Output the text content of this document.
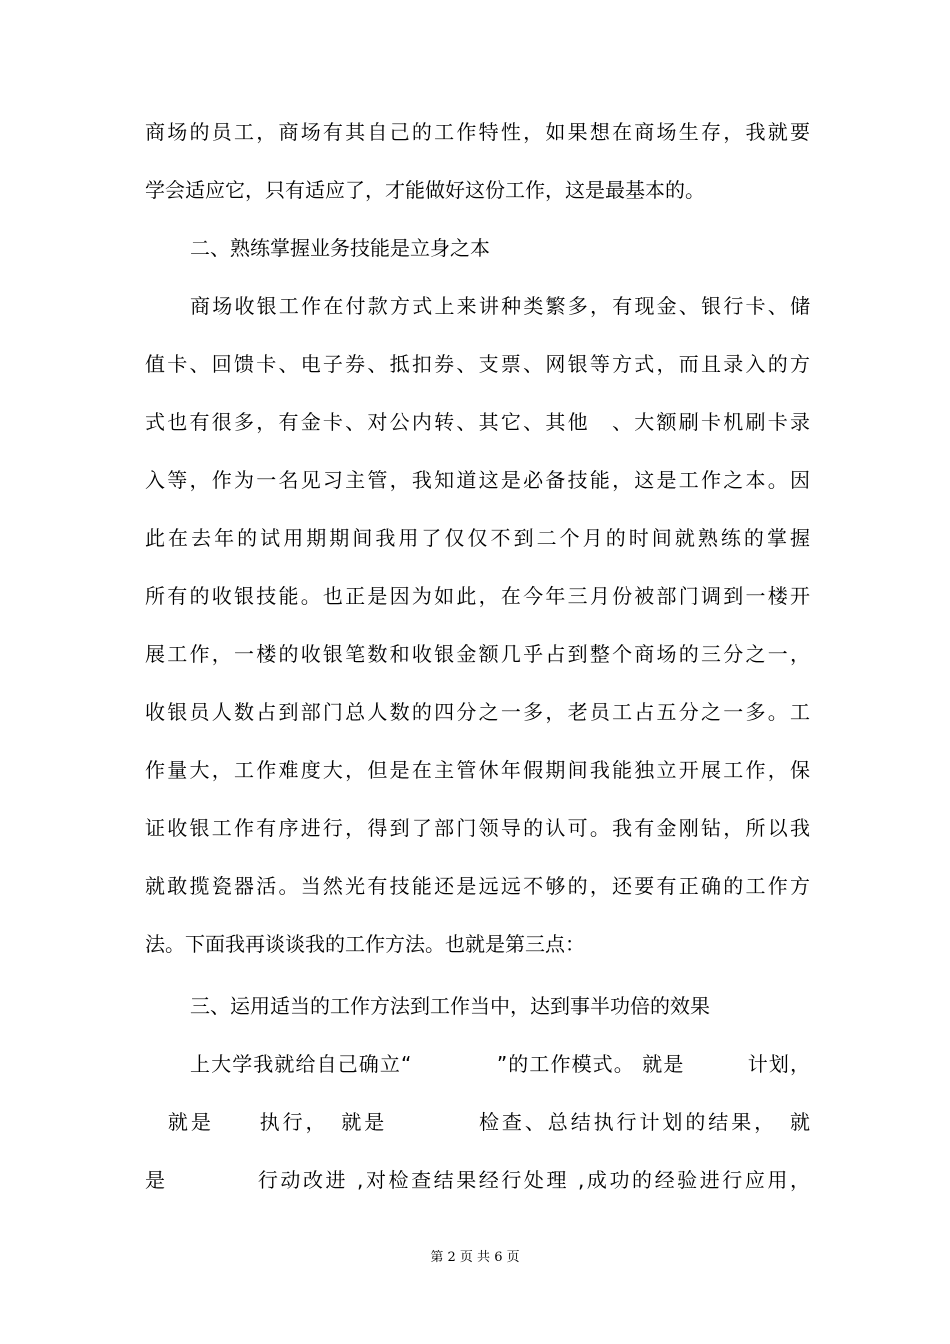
商场的员工，商场有其自己的工作特性，如果想在商场生存，我就要
学会适应它，只有适应了，才能做好这份工作，这是最基本的。
二、熟练掌握业务技能是立身之本
商场收银工作在付款方式上来讲种类繁多，有现金、银行卡、储
值卡、回馈卡、电子券、抵扣券、支票、网银等方式，而且录入的方
式也有很多，有金卡、对公内转、其它、其他　、大额刷卡机刷卡录
入等，作为一名见习主管，我知道这是必备技能，这是工作之本。因
此在去年的试用期期间我用了仅仅不到二个月的时间就熟练的掌握
所有的收银技能。也正是因为如此，在今年三月份被部门调到一楼开
展工作，一楼的收银笔数和收银金额几乎占到整个商场的三分之一，
收银员人数占到部门总人数的四分之一多，老员工占五分之一多。工
作量大，工作难度大，但是在主管休年假期间我能独立开展工作，保
证收银工作有序进行，得到了部门领导的认可。我有金刚钻，所以我
就敢揽瓷器活。当然光有技能还是远远不够的，还要有正确的工作方
法。下面我再谈谈我的工作方法。也就是第三点：
三、运用适当的工作方法到工作当中，达到事半功倍的效果
上大学我就给自己确立“　　　　”的工作模式。 就是　　　计划，
　就是　　执行，　就是　　　　检查、总结执行计划的结果，　就
是　　　　行动改进 ,对检查结果经行处理 ,成功的经验进行应用，
第 2 页 共 6 页
